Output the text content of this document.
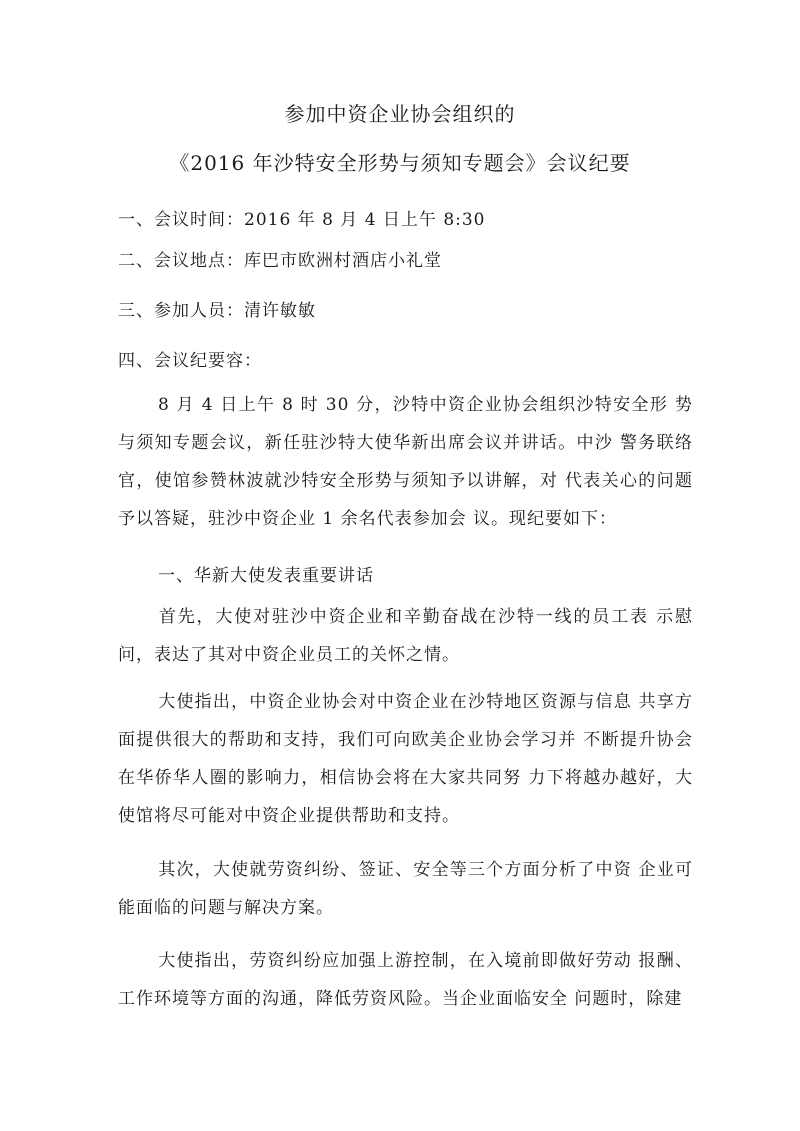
参加中资企业协会组织的
《2016 年沙特安全形势与须知专题会》会议纪要
一、会议时间：2016 年 8 月 4 日上午 8:30
二、会议地点：库巴市欧洲村酒店小礼堂
三、参加人员：清许敏敏
四、会议纪要容：

8 月 4 日上午 8 时 30 分，沙特中资企业协会组织沙特安全形 势与须知专题会议，新任驻沙特大使华新出席会议并讲话。中沙 警务联络官，使馆参赞林波就沙特安全形势与须知予以讲解，对 代表关心的问题予以答疑，驻沙中资企业 1 余名代表参加会 议。现纪要如下：

一、华新大使发表重要讲话

首先，大使对驻沙中资企业和辛勤奋战在沙特一线的员工表 示慰问，表达了其对中资企业员工的关怀之情。

大使指出，中资企业协会对中资企业在沙特地区资源与信息 共享方面提供很大的帮助和支持，我们可向欧美企业协会学习并 不断提升协会在华侨华人圈的影响力，相信协会将在大家共同努 力下将越办越好，大使馆将尽可能对中资企业提供帮助和支持。

其次，大使就劳资纠纷、签证、安全等三个方面分析了中资 企业可能面临的问题与解决方案。

大使指出，劳资纠纷应加强上游控制，在入境前即做好劳动 报酬、工作环境等方面的沟通，降低劳资风险。当企业面临安全 问题时，除建
